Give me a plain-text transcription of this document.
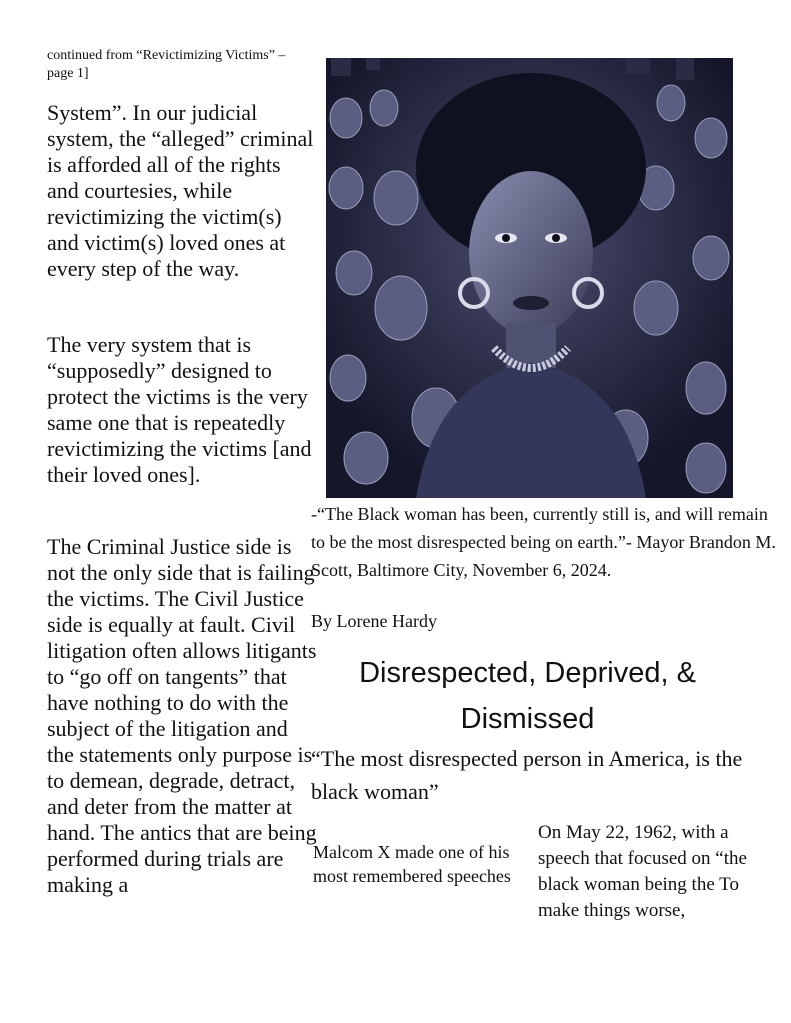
continued from “Revictimizing Victims” – page 1]
System”. In our judicial system, the “alleged” criminal is afforded all of the rights and courtesies, while revictimizing the victim(s) and victim(s) loved ones at every step of the way.
The very system that is “supposedly” designed to protect the victims is the very same one that is repeatedly revictimizing the victims [and their loved ones].
The Criminal Justice side is not the only side that is failing the victims. The Civil Justice side is equally at fault. Civil litigation often allows litigants to “go off on tangents” that have nothing to do with the subject of the litigation and the statements only purpose is to demean, degrade, detract, and deter from the matter at hand. The antics that are being performed during trials are making a
-“The Black woman has been, currently still is, and will remain to be the most disrespected being on earth.”- Mayor Brandon M. Scott, Baltimore City, November 6, 2024.
By Lorene Hardy
Disrespected, Deprived, & Dismissed
“The most disrespected person in America, is the black woman”
Malcom X made one of his most remembered speeches
On May 22, 1962, with a speech that focused on “the black woman being the To make things worse,
